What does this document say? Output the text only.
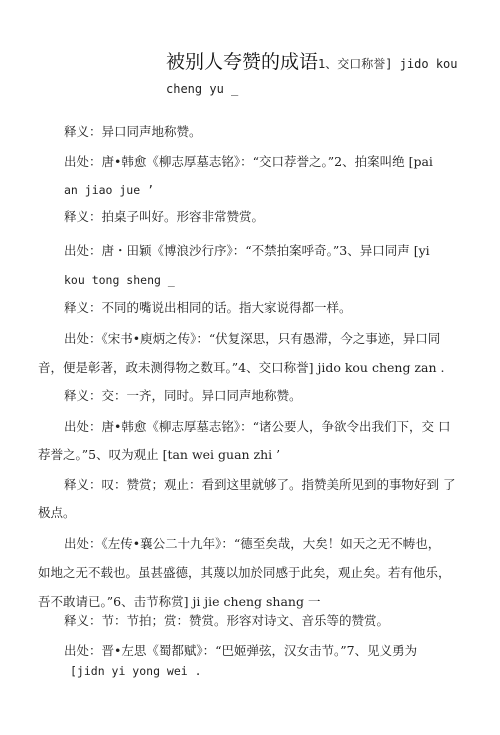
被别人夸赞的成语1、交口称誉] jido kou
cheng yu _
释义：异口同声地称赞。
出处：唐•韩愈《柳志厚墓志铭》：“交口荐誉之。”2、拍案叫绝 [pai
an jiao jue ’
释义：拍桌子叫好。形容非常赞赏。
出处：唐・田颖《博浪沙行序》：“不禁拍案呼奇。”3、异口同声 [yi
kou tong sheng _
释义：不同的嘴说出相同的话。指大家说得都一样。
出处：《宋书•庾炳之传》：“伏复深思，只有愚滞，今之事迹，异口同
音，便是彰著，政未测得物之数耳。”4、交口称誉] jido kou cheng zan .
释义：交：一齐，同时。异口同声地称赞。
出处：唐•韩愈《柳志厚墓志铭》：“诸公要人，争欲令出我们下，交 口
荐誉之。”5、叹为观止 [tan wei guan zhi ’
释义：叹：赞赏；观止：看到这里就够了。指赞美所见到的事物好到 了
极点。
出处：《左传•襄公二十九年》：“德至矣哉，大矣！如天之无不帱也，
如地之无不载也。虽甚盛德，其蔑以加於同感于此矣，观止矣。若有他乐，
吾不敢请已。”6、击节称赏] ji jie cheng shang 一
释义：节：节拍；赏：赞赏。形容对诗文、音乐等的赞赏。
出处：晋•左思《蜀都赋》：“巴姬弹弦，汉女击节。”7、见义勇为
[jidn yi yong wei .
